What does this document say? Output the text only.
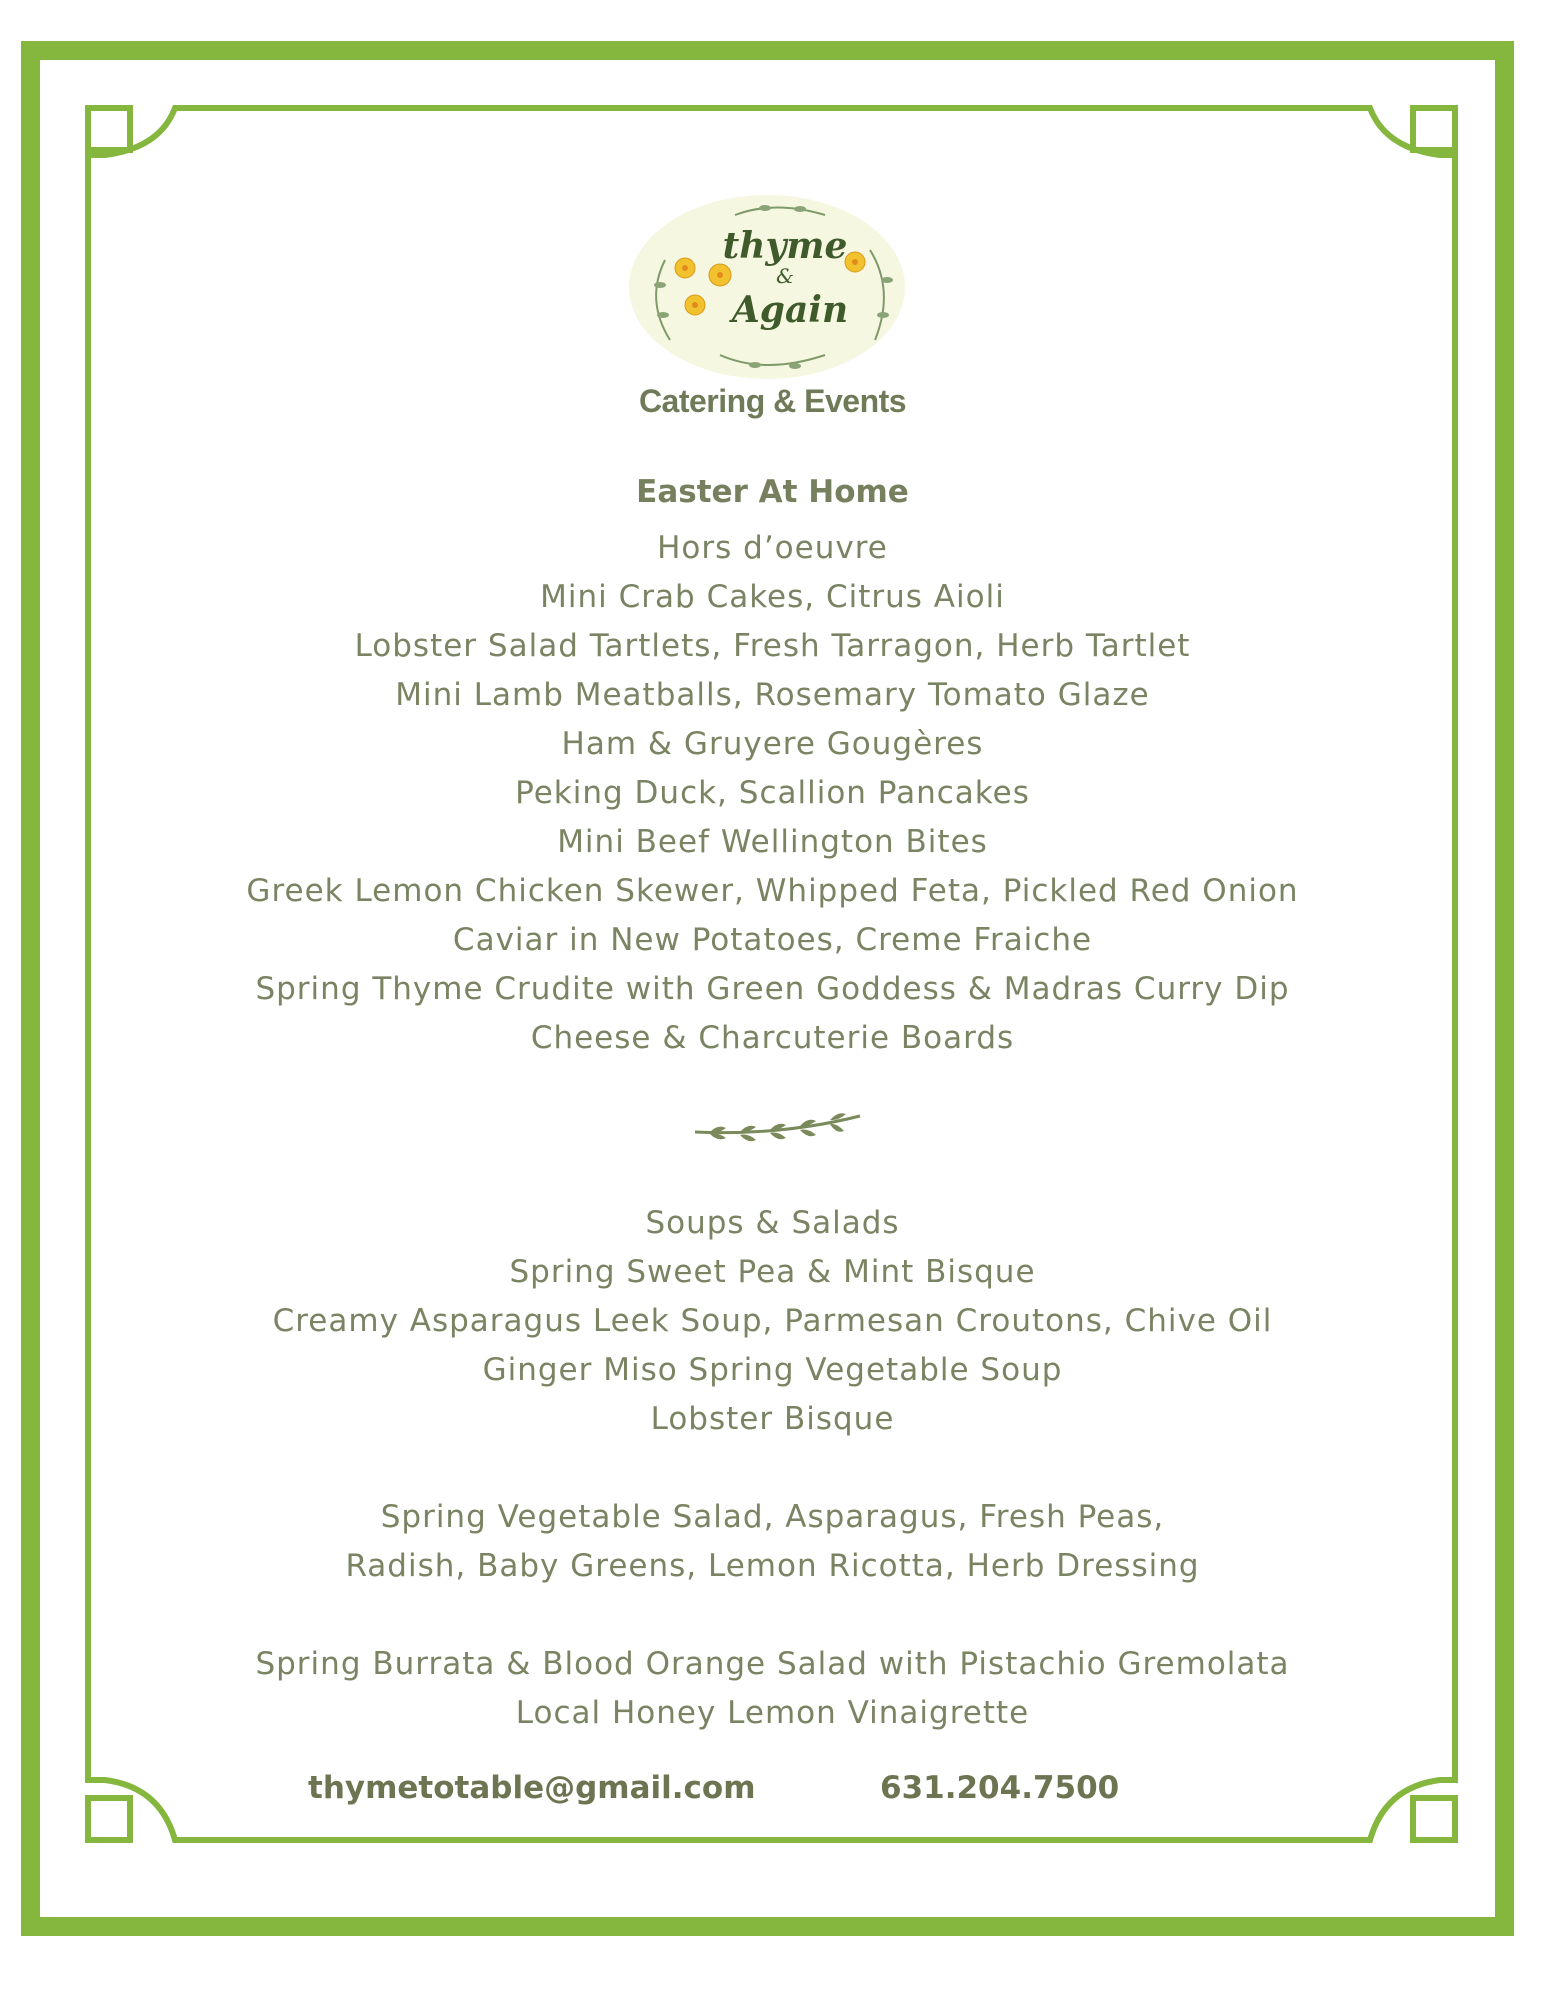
thyme
&
Again
Catering & Events
Easter At Home
Hors d’oeuvre
Mini Crab Cakes, Citrus Aioli
Lobster Salad Tartlets, Fresh Tarragon, Herb Tartlet
Mini Lamb Meatballs, Rosemary Tomato Glaze
Ham & Gruyere Gougères
Peking Duck, Scallion Pancakes
Mini Beef Wellington Bites
Greek Lemon Chicken Skewer, Whipped Feta, Pickled Red Onion
Caviar in New Potatoes, Creme Fraiche
Spring Thyme Crudite with Green Goddess & Madras Curry Dip
Cheese & Charcuterie Boards
Soups & Salads
Spring Sweet Pea & Mint Bisque
Creamy Asparagus Leek Soup, Parmesan Croutons, Chive Oil
Ginger Miso Spring Vegetable Soup
Lobster Bisque
Spring Vegetable Salad, Asparagus, Fresh Peas,
Radish, Baby Greens, Lemon Ricotta, Herb Dressing
Spring Burrata & Blood Orange Salad with Pistachio Gremolata
Local Honey Lemon Vinaigrette
thymetotable@gmail.com	631.204.7500
